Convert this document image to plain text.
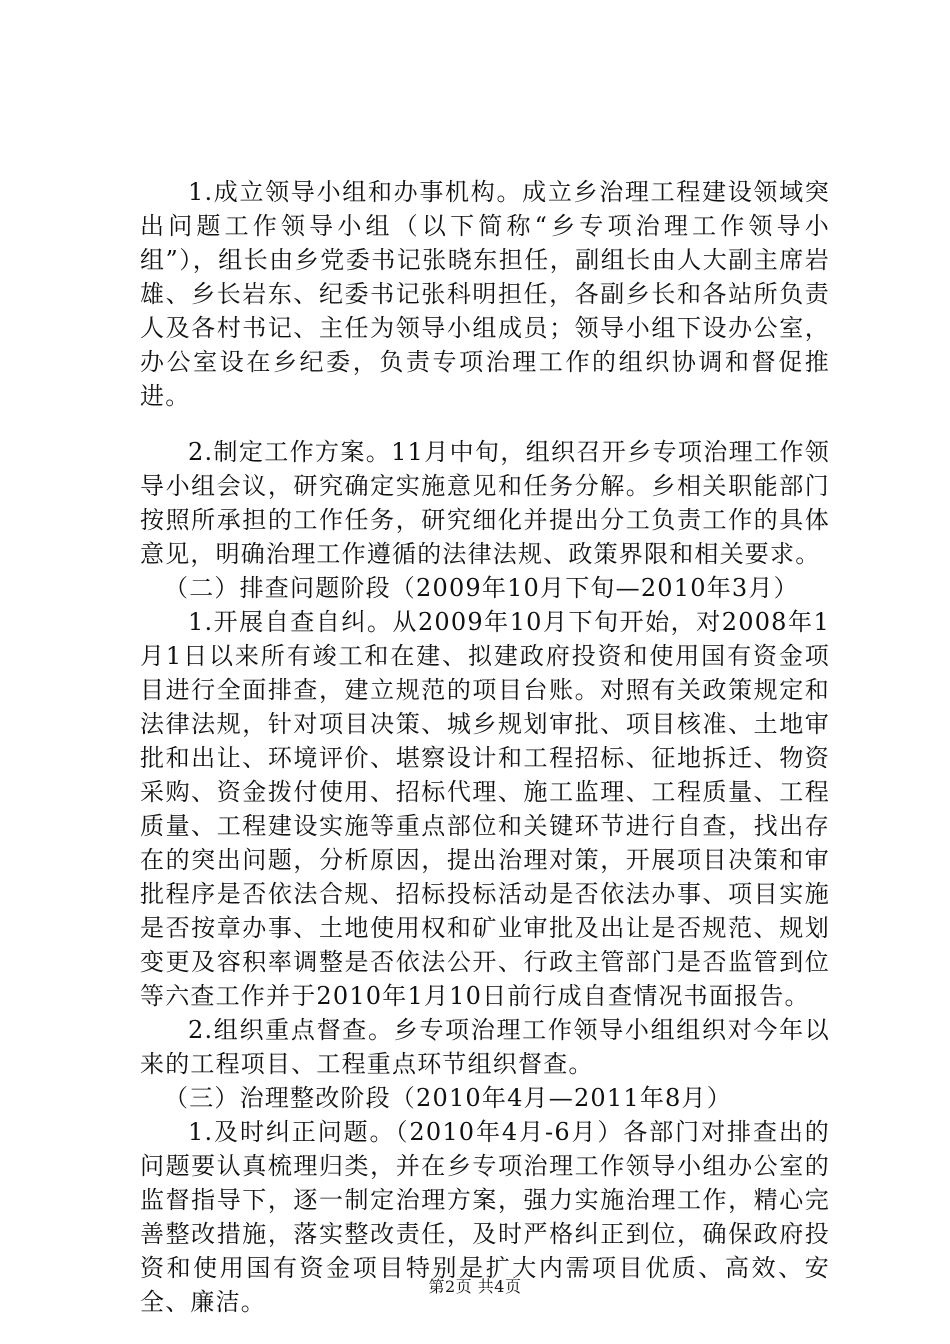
1.成立领导小组和办事机构。成立乡治理工程建设领域突出问题工作领导小组（以下简称“乡专项治理工作领导小组”），组长由乡党委书记张晓东担任，副组长由人大副主席岩雄、乡长岩东、纪委书记张科明担任，各副乡长和各站所负责人及各村书记、主任为领导小组成员；领导小组下设办公室，办公室设在乡纪委，负责专项治理工作的组织协调和督促推进。

2.制定工作方案。11月中旬，组织召开乡专项治理工作领导小组会议，研究确定实施意见和任务分解。乡相关职能部门按照所承担的工作任务，研究细化并提出分工负责工作的具体意见，明确治理工作遵循的法律法规、政策界限和相关要求。

（二）排查问题阶段（2009年10月下旬—2010年3月）

1.开展自查自纠。从2009年10月下旬开始，对2008年1月1日以来所有竣工和在建、拟建政府投资和使用国有资金项目进行全面排查，建立规范的项目台账。对照有关政策规定和法律法规，针对项目决策、城乡规划审批、项目核准、土地审批和出让、环境评价、堪察设计和工程招标、征地拆迁、物资采购、资金拨付使用、招标代理、施工监理、工程质量、工程质量、工程建设实施等重点部位和关键环节进行自查，找出存在的突出问题，分析原因，提出治理对策，开展项目决策和审批程序是否依法合规、招标投标活动是否依法办事、项目实施是否按章办事、土地使用权和矿业审批及出让是否规范、规划变更及容积率调整是否依法公开、行政主管部门是否监管到位等六查工作并于2010年1月10日前行成自查情况书面报告。

2.组织重点督查。乡专项治理工作领导小组组织对今年以来的工程项目、工程重点环节组织督查。

（三）治理整改阶段（2010年4月—2011年8月）

1.及时纠正问题。（2010年4月-6月）各部门对排查出的问题要认真梳理归类，并在乡专项治理工作领导小组办公室的监督指导下，逐一制定治理方案，强力实施治理工作，精心完善整改措施，落实整改责任，及时严格纠正到位，确保政府投资和使用国有资金项目特别是扩大内需项目优质、高效、安全、廉洁。

第2页 共4页
